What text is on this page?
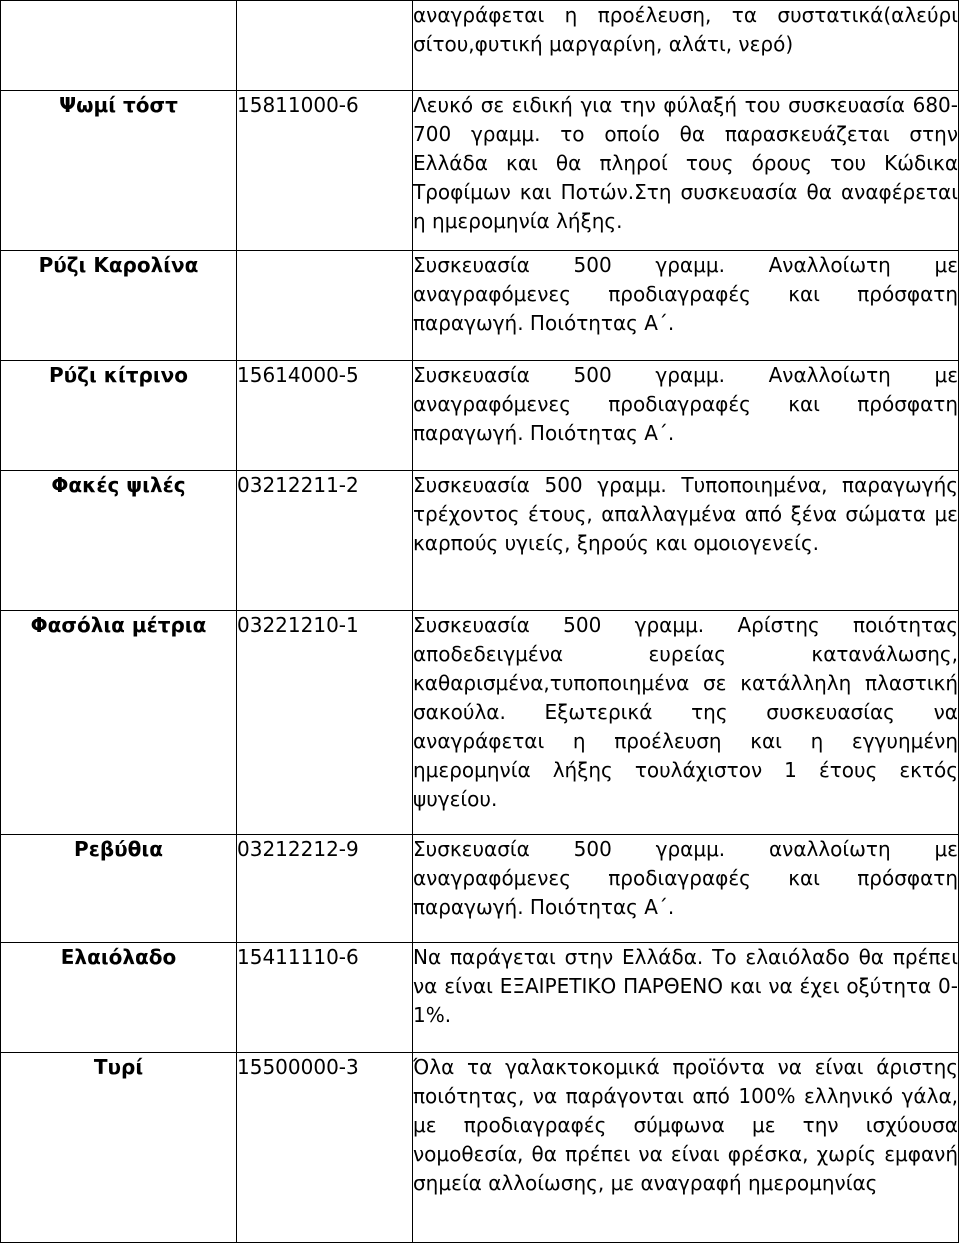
		αναγράφεται η προέλευση, τα συστατικά(αλεύρι σίτου,φυτική μαργαρίνη, αλάτι, νερό)

Ψωμί τόστ	15811000-6	Λευκό σε ειδική για την φύλαξή του συσκευασία 680-700 γραμμ. το οποίο θα παρασκευάζεται στην Ελλάδα και θα πληροί τους όρους του Κώδικα Τροφίμων και Ποτών.Στη συσκευασία θα αναφέρεται η ημερομηνία λήξης.

Ρύζι Καρολίνα		Συσκευασία 500 γραμμ. Αναλλοίωτη με αναγραφόμενες προδιαγραφές και πρόσφατη παραγωγή. Ποιότητας Α΄.

Ρύζι κίτρινο	15614000-5	Συσκευασία 500 γραμμ. Αναλλοίωτη με αναγραφόμενες προδιαγραφές και πρόσφατη παραγωγή. Ποιότητας Α΄.

Φακές ψιλές	03212211-2	Συσκευασία 500 γραμμ. Τυποποιημένα, παραγωγής τρέχοντος έτους, απαλλαγμένα από ξένα σώματα με καρπούς υγιείς, ξηρούς και ομοιογενείς.

Φασόλια μέτρια	03221210-1	Συσκευασία 500 γραμμ. Αρίστης ποιότητας αποδεδειγμένα ευρείας κατανάλωσης, καθαρισμένα,τυποποιημένα σε κατάλληλη πλαστική σακούλα. Εξωτερικά της συσκευασίας να αναγράφεται η προέλευση και η εγγυημένη ημερομηνία λήξης τουλάχιστον 1 έτους εκτός ψυγείου.

Ρεβύθια	03212212-9	Συσκευασία 500 γραμμ. αναλλοίωτη με αναγραφόμενες προδιαγραφές και πρόσφατη παραγωγή. Ποιότητας Α΄.

Ελαιόλαδο	15411110-6	Να παράγεται στην Ελλάδα. Το ελαιόλαδο θα πρέπει να είναι ΕΞΑΙΡΕΤΙΚΟ ΠΑΡΘΕΝΟ και να έχει οξύτητα 0-1%.

Τυρί	15500000-3	Όλα τα γαλακτοκομικά προϊόντα να είναι άριστης ποιότητας, να παράγονται από 100% ελληνικό γάλα, με προδιαγραφές σύμφωνα με την ισχύουσα νομοθεσία, θα πρέπει να είναι φρέσκα, χωρίς εμφανή σημεία αλλοίωσης, με αναγραφή ημερομηνίας
